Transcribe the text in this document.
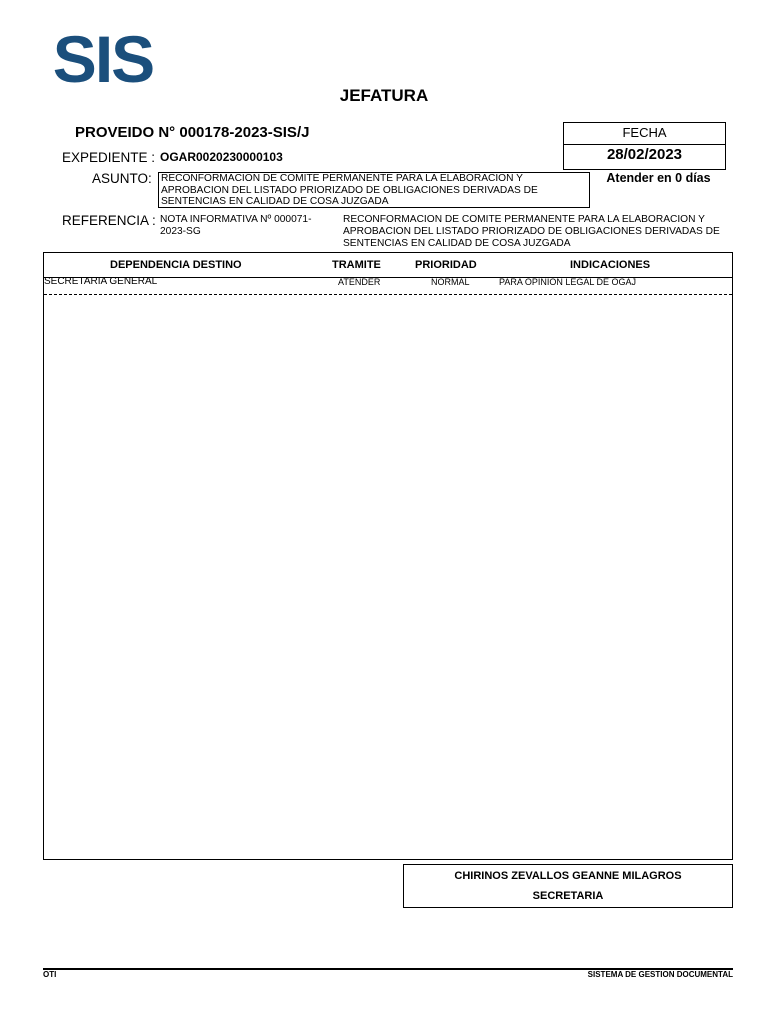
SIS	JEFATURA
PROVEIDO N° 000178-2023-SIS/J	FECHA
28/02/2023
Atender en 0 días
EXPEDIENTE : OGAR0020230000103
ASUNTO: RECONFORMACION DE COMITE PERMANENTE PARA LA ELABORACION Y APROBACION DEL LISTADO PRIORIZADO DE OBLIGACIONES DERIVADAS DE SENTENCIAS EN CALIDAD DE COSA JUZGADA
REFERENCIA : NOTA INFORMATIVA Nº 000071-2023-SG
RECONFORMACION DE COMITE PERMANENTE PARA LA ELABORACION Y APROBACION DEL LISTADO PRIORIZADO DE OBLIGACIONES DERIVADAS DE SENTENCIAS EN CALIDAD DE COSA JUZGADA
DEPENDENCIA DESTINO	TRAMITE	PRIORIDAD	INDICACIONES
SECRETARIA GENERAL	ATENDER	NORMAL	PARA OPINION LEGAL DE OGAJ
CHIRINOS ZEVALLOS GEANNE MILAGROS
SECRETARIA
OTI	SISTEMA DE GESTION DOCUMENTAL
